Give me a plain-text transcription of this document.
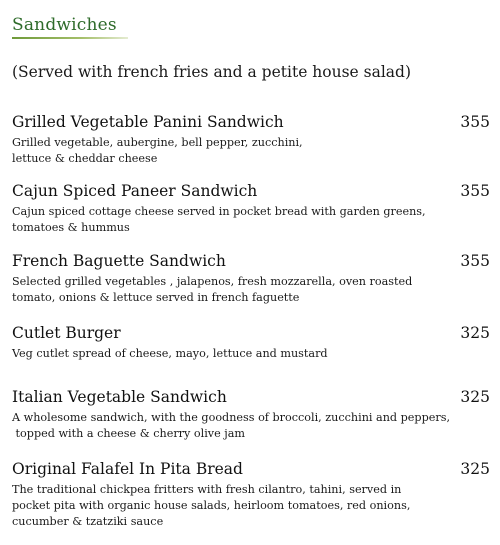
Sandwiches
(Served with french fries and a petite house salad)
Grilled Vegetable Panini Sandwich	355
Grilled vegetable, aubergine, bell pepper, zucchini,
lettuce & cheddar cheese
Cajun Spiced Paneer Sandwich	355
Cajun spiced cottage cheese served in pocket bread with garden greens,
tomatoes & hummus
French Baguette Sandwich	355
Selected grilled vegetables , jalapenos, fresh mozzarella, oven roasted
tomato, onions & lettuce served in french faguette
Cutlet Burger	325
Veg cutlet spread of cheese, mayo, lettuce and mustard
Italian Vegetable Sandwich	325
A wholesome sandwich, with the goodness of broccoli, zucchini and peppers,
topped with a cheese & cherry olive jam
Original Falafel In Pita Bread	325
The traditional chickpea fritters with fresh cilantro, tahini, served in
pocket pita with organic house salads, heirloom tomatoes, red onions,
cucumber & tzatziki sauce
